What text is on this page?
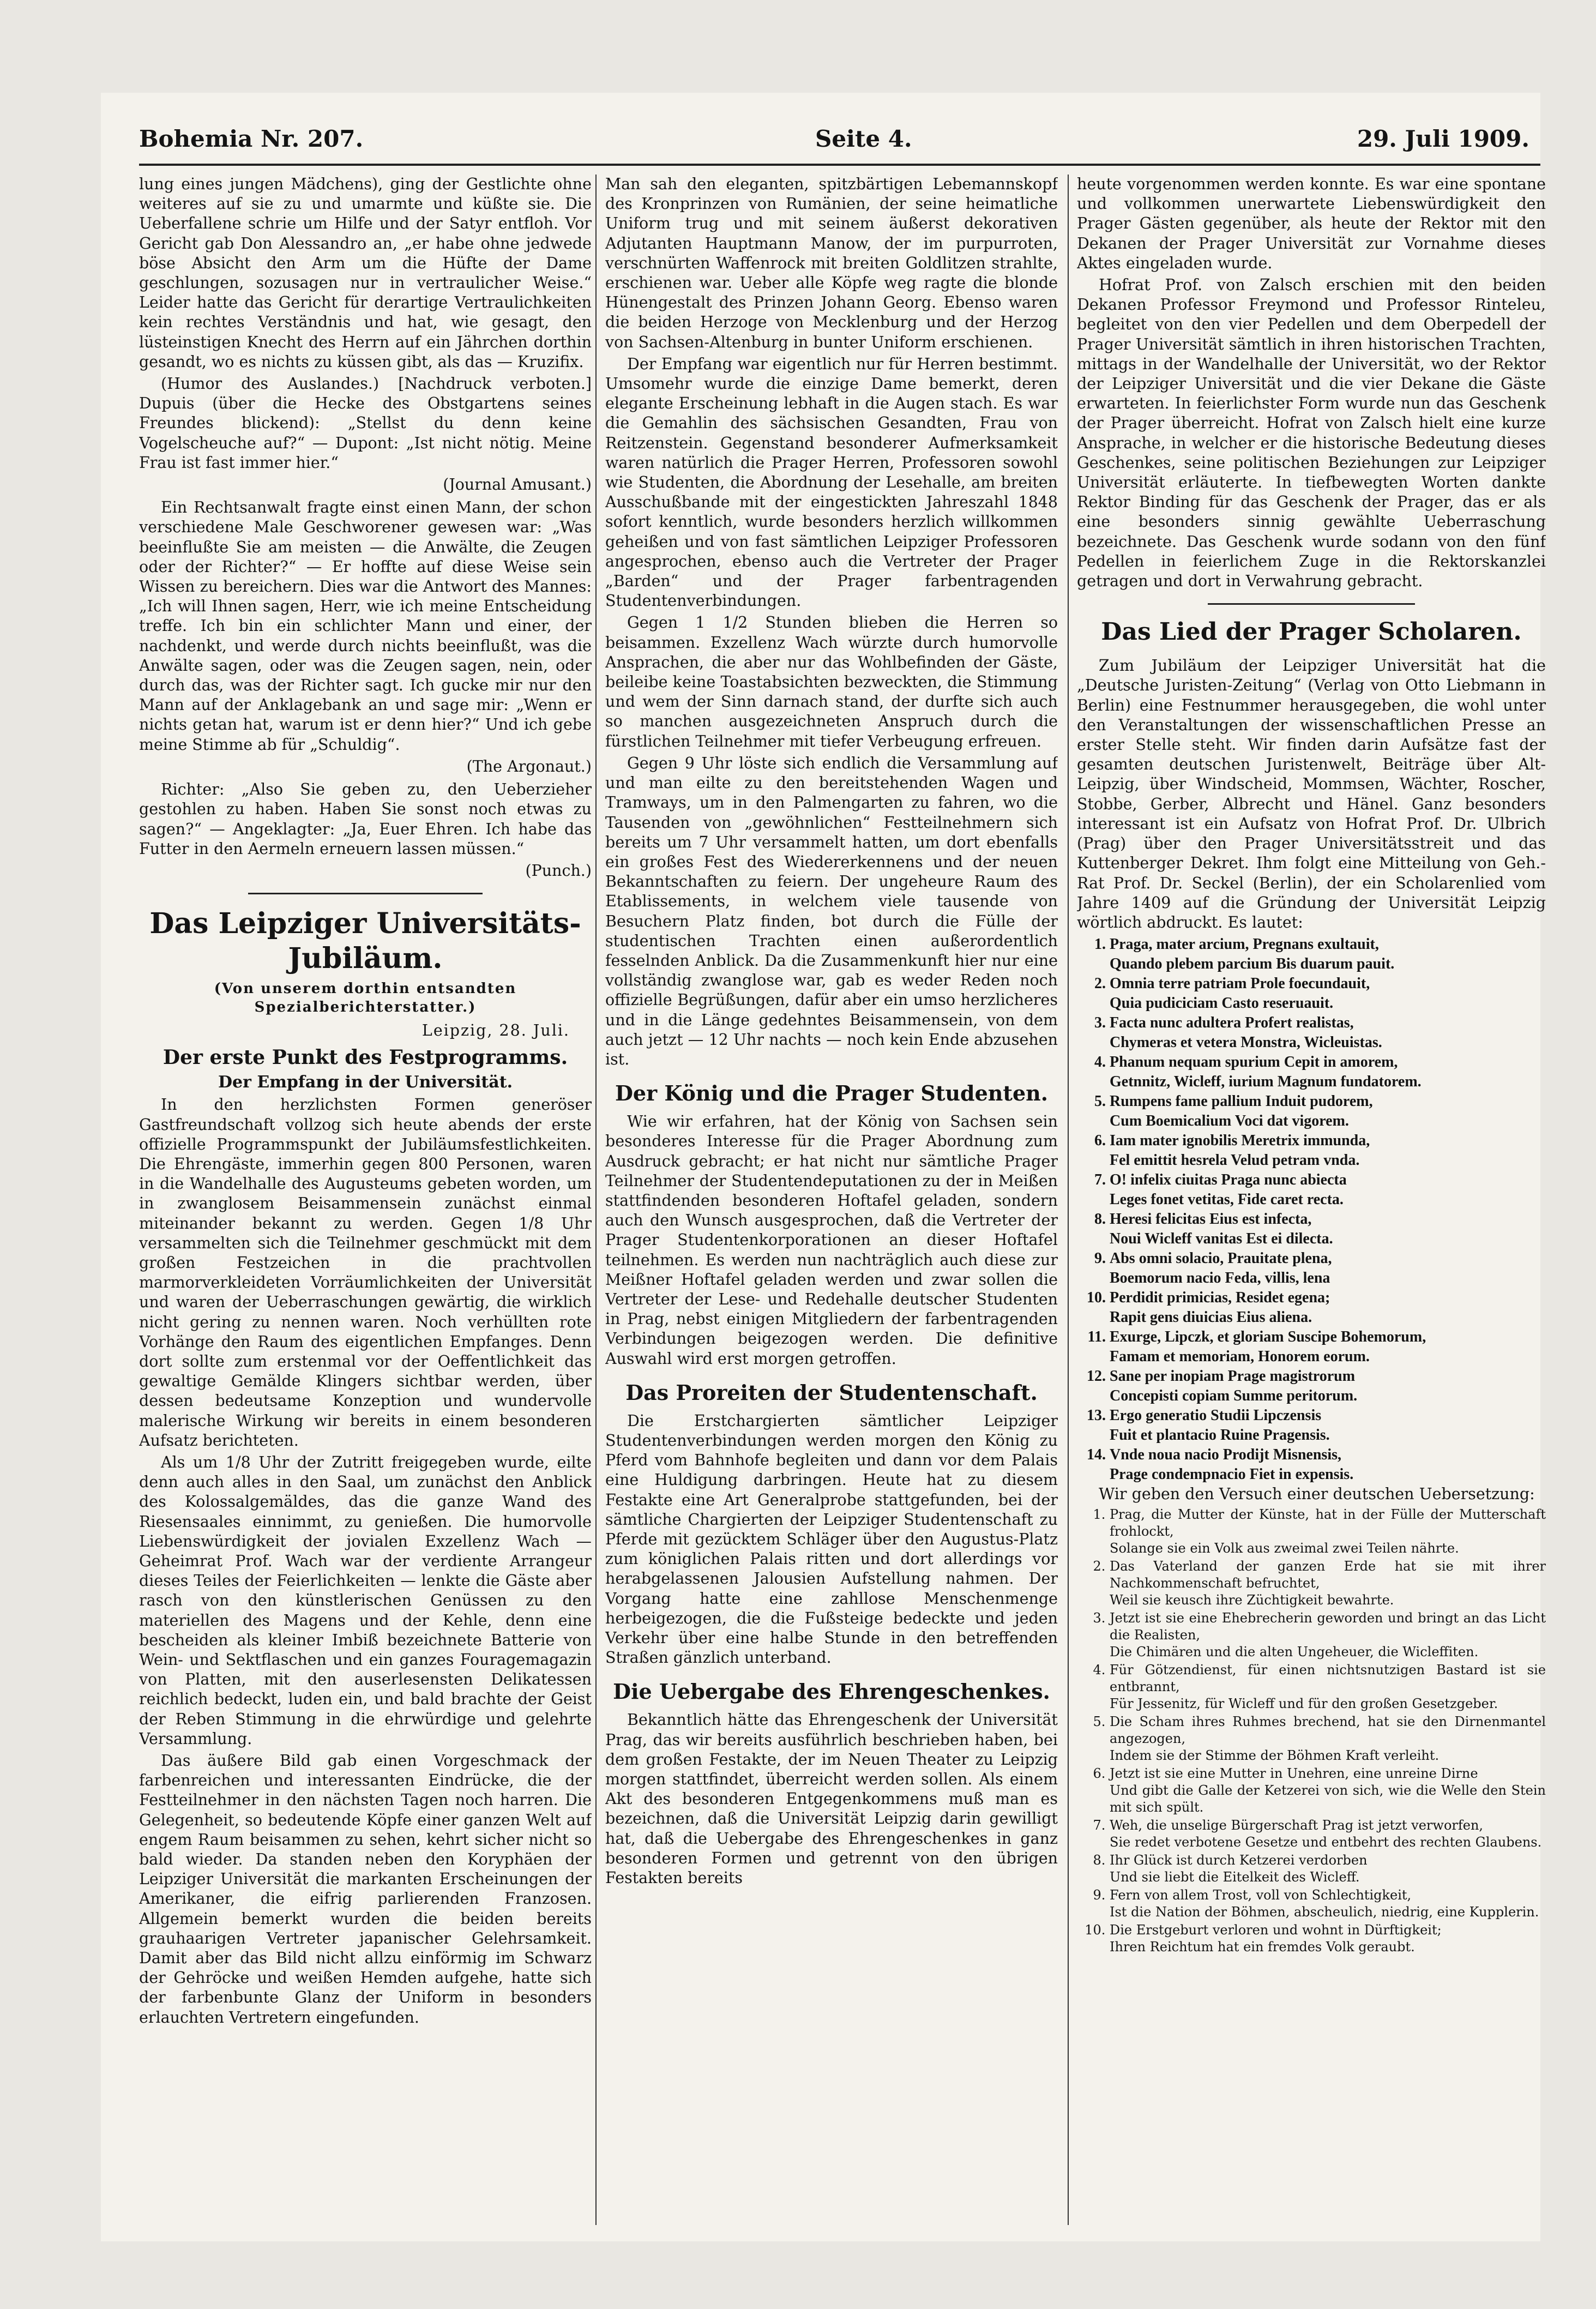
Bohemia Nr. 207.	Seite 4.	29. Juli 1909.

lung eines jungen Mädchens), ging der Gestlichte ohne weiteres auf sie zu und umarmte und küßte sie. Die Ueberfallene schrie um Hilfe und der Satyr entfloh. Vor Gericht gab Don Alessandro an, „er habe ohne jedwede böse Absicht den Arm um die Hüfte der Dame geschlungen, sozusagen nur in vertraulicher Weise.“ Leider hatte das Gericht für derartige Vertraulichkeiten kein rechtes Verständnis und hat, wie gesagt, den lüsteinstigen Knecht des Herrn auf ein Jährchen dorthin gesandt, wo es nichts zu küssen gibt, als das — Kruzifix.

(Humor des Auslandes.) [Nachdruck verboten.] Dupuis (über die Hecke des Obstgartens seines Freundes blickend): „Stellst du denn keine Vogelscheuche auf?“ — Dupont: „Ist nicht nötig. Meine Frau ist fast immer hier.“

(Journal Amusant.)

Ein Rechtsanwalt fragte einst einen Mann, der schon verschiedene Male Geschworener gewesen war: „Was beeinflußte Sie am meisten — die Anwälte, die Zeugen oder der Richter?“ — Er hoffte auf diese Weise sein Wissen zu bereichern. Dies war die Antwort des Mannes: „Ich will Ihnen sagen, Herr, wie ich meine Entscheidung treffe. Ich bin ein schlichter Mann und einer, der nachdenkt, und werde durch nichts beeinflußt, was die Anwälte sagen, oder was die Zeugen sagen, nein, oder durch das, was der Richter sagt. Ich gucke mir nur den Mann auf der Anklagebank an und sage mir: „Wenn er nichts getan hat, warum ist er denn hier?“ Und ich gebe meine Stimme ab für „Schuldig“.

(The Argonaut.)

Richter: „Also Sie geben zu, den Ueberzieher gestohlen zu haben. Haben Sie sonst noch etwas zu sagen?“ — Angeklagter: „Ja, Euer Ehren. Ich habe das Futter in den Aermeln erneuern lassen müssen.“

(Punch.)
Das Leipziger Universitäts-Jubiläum.
(Von unserem dorthin entsandten Spezialberichterstatter.)
Leipzig, 28. Juli.
Der erste Punkt des Festprogramms.
Der Empfang in der Universität.

In den herzlichsten Formen generöser Gastfreundschaft vollzog sich heute abends der erste offizielle Programmspunkt der Jubiläumsfestlichkeiten. Die Ehrengäste, immerhin gegen 800 Personen, waren in die Wandelhalle des Augusteums gebeten worden, um in zwanglosem Beisammensein zunächst einmal miteinander bekannt zu werden. Gegen 1/8 Uhr versammelten sich die Teilnehmer geschmückt mit dem großen Festzeichen in die prachtvollen marmorverkleideten Vorräumlichkeiten der Universität und waren der Ueberraschungen gewärtig, die wirklich nicht gering zu nennen waren. Noch verhüllten rote Vorhänge den Raum des eigentlichen Empfanges. Denn dort sollte zum erstenmal vor der Oeffentlichkeit das gewaltige Gemälde Klingers sichtbar werden, über dessen bedeutsame Konzeption und wundervolle malerische Wirkung wir bereits in einem besonderen Aufsatz berichteten.

Als um 1/8 Uhr der Zutritt freigegeben wurde, eilte denn auch alles in den Saal, um zunächst den Anblick des Kolossalgemäldes, das die ganze Wand des Riesensaales einnimmt, zu genießen. Die humorvolle Liebenswürdigkeit der jovialen Exzellenz Wach — Geheimrat Prof. Wach war der verdiente Arrangeur dieses Teiles der Feierlichkeiten — lenkte die Gäste aber rasch von den künstlerischen Genüssen zu den materiellen des Magens und der Kehle, denn eine bescheiden als kleiner Imbiß bezeichnete Batterie von Wein- und Sektflaschen und ein ganzes Fouragemagazin von Platten, mit den auserlesensten Delikatessen reichlich bedeckt, luden ein, und bald brachte der Geist der Reben Stimmung in die ehrwürdige und gelehrte Versammlung.

Das äußere Bild gab einen Vorgeschmack der farbenreichen und interessanten Eindrücke, die der Festteilnehmer in den nächsten Tagen noch harren. Die Gelegenheit, so bedeutende Köpfe einer ganzen Welt auf engem Raum beisammen zu sehen, kehrt sicher nicht so bald wieder. Da standen neben den Koryphäen der Leipziger Universität die markanten Erscheinungen der Amerikaner, die eifrig parlierenden Franzosen. Allgemein bemerkt wurden die beiden bereits grauhaarigen Vertreter japanischer Gelehrsamkeit. Damit aber das Bild nicht allzu einförmig im Schwarz der Gehröcke und weißen Hemden aufgehe, hatte sich der farbenbunte Glanz der Uniform in besonders erlauchten Vertretern eingefunden.

Man sah den eleganten, spitzbärtigen Lebemannskopf des Kronprinzen von Rumänien, der seine heimatliche Uniform trug und mit seinem äußerst dekorativen Adjutanten Hauptmann Manow, der im purpurroten, verschnürten Waffenrock mit breiten Goldlitzen strahlte, erschienen war. Ueber alle Köpfe weg ragte die blonde Hünengestalt des Prinzen Johann Georg. Ebenso waren die beiden Herzoge von Mecklenburg und der Herzog von Sachsen-Altenburg in bunter Uniform erschienen.

Der Empfang war eigentlich nur für Herren bestimmt. Umsomehr wurde die einzige Dame bemerkt, deren elegante Erscheinung lebhaft in die Augen stach. Es war die Gemahlin des sächsischen Gesandten, Frau von Reitzenstein. Gegenstand besonderer Aufmerksamkeit waren natürlich die Prager Herren, Professoren sowohl wie Studenten, die Abordnung der Lesehalle, am breiten Ausschußbande mit der eingestickten Jahreszahl 1848 sofort kenntlich, wurde besonders herzlich willkommen geheißen und von fast sämtlichen Leipziger Professoren angesprochen, ebenso auch die Vertreter der Prager „Barden“ und der Prager farbentragenden Studentenverbindungen.

Gegen 1 1/2 Stunden blieben die Herren so beisammen. Exzellenz Wach würzte durch humorvolle Ansprachen, die aber nur das Wohlbefinden der Gäste, beileibe keine Toastabsichten bezweckten, die Stimmung und wem der Sinn darnach stand, der durfte sich auch so manchen ausgezeichneten Anspruch durch die fürstlichen Teilnehmer mit tiefer Verbeugung erfreuen.

Gegen 9 Uhr löste sich endlich die Versammlung auf und man eilte zu den bereitstehenden Wagen und Tramways, um in den Palmengarten zu fahren, wo die Tausenden von „gewöhnlichen“ Festteilnehmern sich bereits um 7 Uhr versammelt hatten, um dort ebenfalls ein großes Fest des Wiedererkennens und der neuen Bekanntschaften zu feiern. Der ungeheure Raum des Etablissements, in welchem viele tausende von Besuchern Platz finden, bot durch die Fülle der studentischen Trachten einen außerordentlich fesselnden Anblick. Da die Zusammenkunft hier nur eine vollständig zwanglose war, gab es weder Reden noch offizielle Begrüßungen, dafür aber ein umso herzlicheres und in die Länge gedehntes Beisammensein, von dem auch jetzt — 12 Uhr nachts — noch kein Ende abzusehen ist.

Der König und die Prager Studenten.

Wie wir erfahren, hat der König von Sachsen sein besonderes Interesse für die Prager Abordnung zum Ausdruck gebracht; er hat nicht nur sämtliche Prager Teilnehmer der Studentendeputationen zu der in Meißen stattfindenden besonderen Hoftafel geladen, sondern auch den Wunsch ausgesprochen, daß die Vertreter der Prager Studentenkorporationen an dieser Hoftafel teilnehmen. Es werden nun nachträglich auch diese zur Meißner Hoftafel geladen werden und zwar sollen die Vertreter der Lese- und Redehalle deutscher Studenten in Prag, nebst einigen Mitgliedern der farbentragenden Verbindungen beigezogen werden. Die definitive Auswahl wird erst morgen getroffen.

Das Proreiten der Studentenschaft.

Die Erstchargierten sämtlicher Leipziger Studentenverbindungen werden morgen den König zu Pferd vom Bahnhofe begleiten und dann vor dem Palais eine Huldigung darbringen. Heute hat zu diesem Festakte eine Art Generalprobe stattgefunden, bei der sämtliche Chargierten der Leipziger Studentenschaft zu Pferde mit gezücktem Schläger über den Augustus-Platz zum königlichen Palais ritten und dort allerdings vor herabgelassenen Jalousien Aufstellung nahmen. Der Vorgang hatte eine zahllose Menschenmenge herbeigezogen, die die Fußsteige bedeckte und jeden Verkehr über eine halbe Stunde in den betreffenden Straßen gänzlich unterband.

Die Uebergabe des Ehrengeschenkes.

Bekanntlich hätte das Ehrengeschenk der Universität Prag, das wir bereits ausführlich beschrieben haben, bei dem großen Festakte, der im Neuen Theater zu Leipzig morgen stattfindet, überreicht werden sollen. Als einem Akt des besonderen Entgegenkommens muß man es bezeichnen, daß die Universität Leipzig darin gewilligt hat, daß die Uebergabe des Ehrengeschenkes in ganz besonderen Formen und getrennt von den übrigen Festakten bereits

heute vorgenommen werden konnte. Es war eine spontane und vollkommen unerwartete Liebenswürdigkeit den Prager Gästen gegenüber, als heute der Rektor mit den Dekanen der Prager Universität zur Vornahme dieses Aktes eingeladen wurde.

Hofrat Prof. von Zalsch erschien mit den beiden Dekanen Professor Freymond und Professor Rinteleu, begleitet von den vier Pedellen und dem Oberpedell der Prager Universität sämtlich in ihren historischen Trachten, mittags in der Wandelhalle der Universität, wo der Rektor der Leipziger Universität und die vier Dekane die Gäste erwarteten. In feierlichster Form wurde nun das Geschenk der Prager überreicht. Hofrat von Zalsch hielt eine kurze Ansprache, in welcher er die historische Bedeutung dieses Geschenkes, seine politischen Beziehungen zur Leipziger Universität erläuterte. In tiefbewegten Worten dankte Rektor Binding für das Geschenk der Prager, das er als eine besonders sinnig gewählte Ueberraschung bezeichnete. Das Geschenk wurde sodann von den fünf Pedellen in feierlichem Zuge in die Rektorskanzlei getragen und dort in Verwahrung gebracht.

Das Lied der Prager Scholaren.

Zum Jubiläum der Leipziger Universität hat die „Deutsche Juristen-Zeitung“ (Verlag von Otto Liebmann in Berlin) eine Festnummer herausgegeben, die wohl unter den Veranstaltungen der wissenschaftlichen Presse an erster Stelle steht. Wir finden darin Aufsätze fast der gesamten deutschen Juristenwelt, Beiträge über Alt-Leipzig, über Windscheid, Mommsen, Wächter, Roscher, Stobbe, Gerber, Albrecht und Hänel. Ganz besonders interessant ist ein Aufsatz von Hofrat Prof. Dr. Ulbrich (Prag) über den Prager Universitätsstreit und das Kuttenberger Dekret. Ihm folgt eine Mitteilung von Geh.-Rat Prof. Dr. Seckel (Berlin), der ein Scholarenlied vom Jahre 1409 auf die Gründung der Universität Leipzig wörtlich abdruckt. Es lautet:

1. Praga, mater arcium, Pregnans exultauit,
Quando plebem parcium Bis duarum pauit.
2. Omnia terre patriam Prole foecundauit,
Quia pudiciciam Casto reseruauit.
3. Facta nunc adultera Profert realistas,
Chymeras et vetera Monstra, Wicleuistas.
4. Phanum nequam spurium Cepit in amorem,
Getnnitz, Wicleff, iurium Magnum fundatorem.
5. Rumpens fame pallium Induit pudorem,
Cum Boemicalium Voci dat vigorem.
6. Iam mater ignobilis Meretrix immunda,
Fel emittit hesrela Velud petram vnda.
7. O! infelix ciuitas Praga nunc abiecta
Leges fonet vetitas, Fide caret recta.
8. Heresi felicitas Eius est infecta,
Noui Wicleff vanitas Est ei dilecta.
9. Abs omni solacio, Prauitate plena,
Boemorum nacio Feda, villis, lena
10. Perdidit primicias, Residet egena;
Rapit gens diuicias Eius aliena.
11. Exurge, Lipczk, et gloriam Suscipe Bohemorum,
Famam et memoriam, Honorem eorum.
12. Sane per inopiam Prage magistrorum
Concepisti copiam Summe peritorum.
13. Ergo generatio Studii Lipczensis
Fuit et plantacio Ruine Pragensis.
14. Vnde noua nacio Prodijt Misnensis,
Prage condempnacio Fiet in expensis.

Wir geben den Versuch einer deutschen Uebersetzung:

1. Prag, die Mutter der Künste, hat in der Fülle der Mutterschaft frohlockt,
Solange sie ein Volk aus zweimal zwei Teilen nährte.
2. Das Vaterland der ganzen Erde hat sie mit ihrer Nachkommenschaft befruchtet,
Weil sie keusch ihre Züchtigkeit bewahrte.
3. Jetzt ist sie eine Ehebrecherin geworden und bringt an das Licht die Realisten,
Die Chimären und die alten Ungeheuer, die Wicleffiten.
4. Für Götzendienst, für einen nichtsnutzigen Bastard ist sie entbrannt,
Für Jessenitz, für Wicleff und für den großen Gesetzgeber.
5. Die Scham ihres Ruhmes brechend, hat sie den Dirnenmantel angezogen,
Indem sie der Stimme der Böhmen Kraft verleiht.
6. Jetzt ist sie eine Mutter in Unehren, eine unreine Dirne
Und gibt die Galle der Ketzerei von sich, wie die Welle den Stein mit sich spült.
7. Weh, die unselige Bürgerschaft Prag ist jetzt verworfen,
Sie redet verbotene Gesetze und entbehrt des rechten Glaubens.
8. Ihr Glück ist durch Ketzerei verdorben
Und sie liebt die Eitelkeit des Wicleff.
9. Fern von allem Trost, voll von Schlechtigkeit,
Ist die Nation der Böhmen, abscheulich, niedrig, eine Kupplerin.
10. Die Erstgeburt verloren und wohnt in Dürftigkeit;
Ihren Reichtum hat ein fremdes Volk geraubt.
